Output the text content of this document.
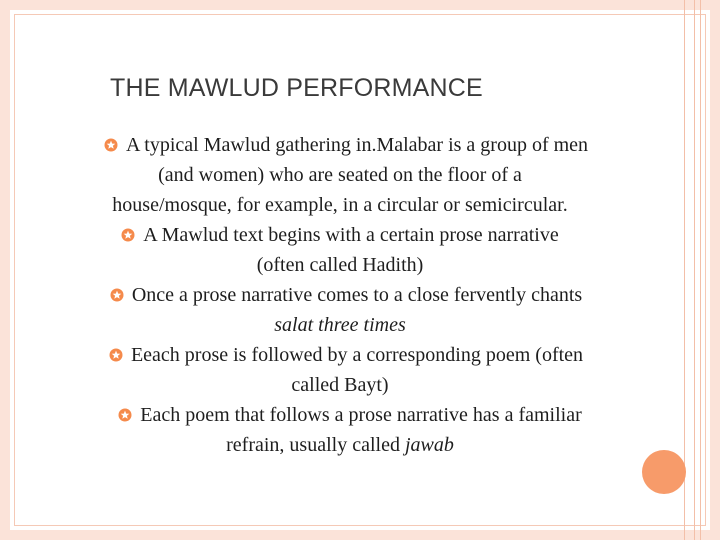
THE MAWLUD PERFORMANCE
A typical Mawlud gathering in.Malabar is a group of men
(and women) who are seated on the floor of a
house/mosque, for example, in a circular or semicircular.
A Mawlud text begins with a certain prose narrative
(often called Hadith)
Once a prose narrative comes to a close fervently chants
salat three times
Eeach prose is followed by a corresponding poem (often
called Bayt)
Each poem that follows a prose narrative has a familiar
refrain, usually called jawab
